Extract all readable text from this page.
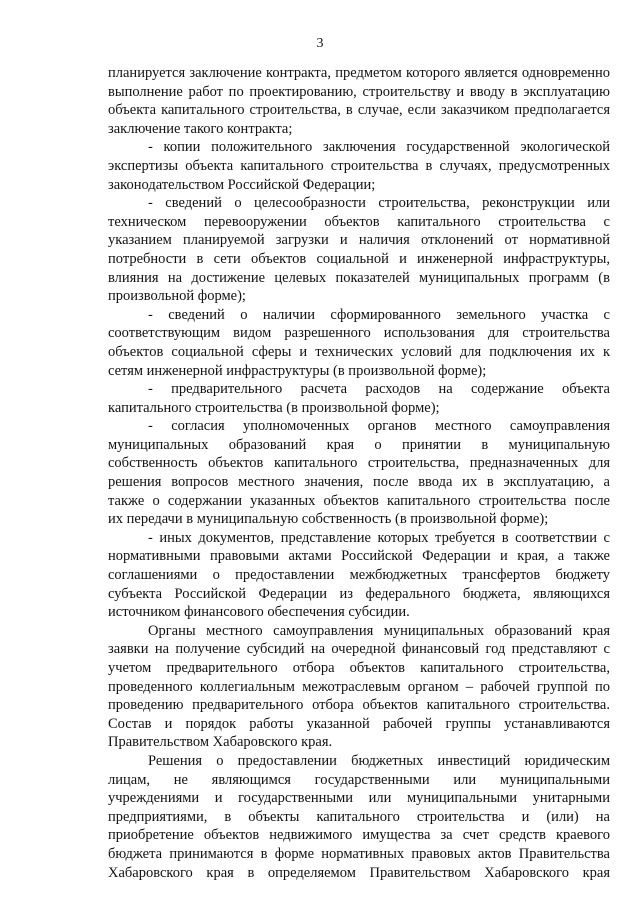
3

планируется заключение контракта, предметом которого является одновременно

выполнение работ по проектированию, строительству и вводу в эксплуатацию

объекта капитального строительства, в случае, если заказчиком предполагается

заключение такого контракта;

- копии положительного заключения государственной экологической

экспертизы объекта капитального строительства в случаях, предусмотренных

законодательством Российской Федерации;

- сведений о целесообразности строительства, реконструкции или

техническом перевооружении объектов капитального строительства с

указанием планируемой загрузки и наличия отклонений от нормативной

потребности в сети объектов социальной и инженерной инфраструктуры,

влияния на достижение целевых показателей муниципальных программ (в

произвольной форме);

- сведений о наличии сформированного земельного участка с

соответствующим видом разрешенного использования для строительства

объектов социальной сферы и технических условий для подключения их к

сетям инженерной инфраструктуры (в произвольной форме);

- предварительного расчета расходов на содержание объекта

капитального строительства (в произвольной форме);

- согласия уполномоченных органов местного самоуправления

муниципальных образований края о принятии в муниципальную

собственность объектов капитального строительства, предназначенных для

решения вопросов местного значения, после ввода их в эксплуатацию, а

также о содержании указанных объектов капитального строительства после

их передачи в муниципальную собственность (в произвольной форме);

- иных документов, представление которых требуется в соответствии с

нормативными правовыми актами Российской Федерации и края, а также

соглашениями о предоставлении межбюджетных трансфертов бюджету

субъекта Российской Федерации из федерального бюджета, являющихся

источником финансового обеспечения субсидии.

Органы местного самоуправления муниципальных образований края

заявки на получение субсидий на очередной финансовый год представляют с

учетом предварительного отбора объектов капитального строительства,

проведенного коллегиальным межотраслевым органом – рабочей группой по

проведению предварительного отбора объектов капитального строительства.

Состав и порядок работы указанной рабочей группы устанавливаются

Правительством Хабаровского края.

Решения о предоставлении бюджетных инвестиций юридическим

лицам, не являющимся государственными или муниципальными

учреждениями и государственными или муниципальными унитарными

предприятиями, в объекты капитального строительства и (или) на

приобретение объектов недвижимого имущества за счет средств краевого

бюджета принимаются в форме нормативных правовых актов Правительства

Хабаровского края в определяемом Правительством Хабаровского края
